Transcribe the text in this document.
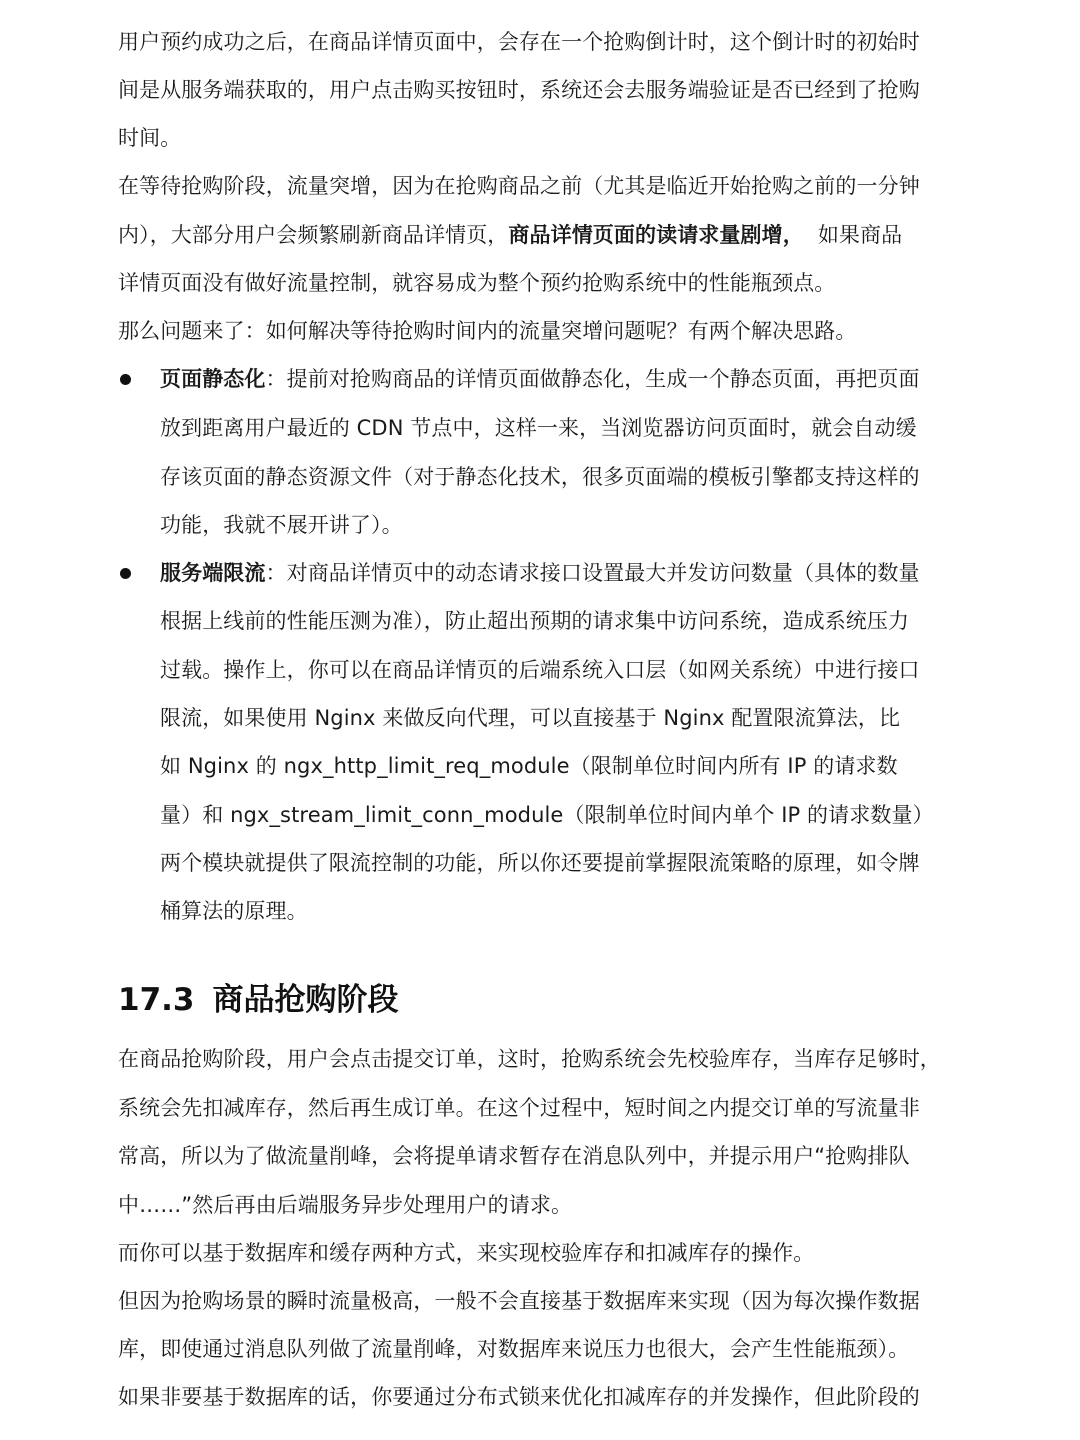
用户预约成功之后，在商品详情页面中，会存在一个抢购倒计时，这个倒计时的初始时
间是从服务端获取的，用户点击购买按钮时，系统还会去服务端验证是否已经到了抢购
时间。
在等待抢购阶段，流量突增，因为在抢购商品之前（尤其是临近开始抢购之前的一分钟
内），大部分用户会频繁刷新商品详情页，商品详情页面的读请求量剧增， 如果商品
详情页面没有做好流量控制，就容易成为整个预约抢购系统中的性能瓶颈点。
那么问题来了：如何解决等待抢购时间内的流量突增问题呢？有两个解决思路。
页面静态化：提前对抢购商品的详情页面做静态化，生成一个静态页面，再把页面
放到距离用户最近的 CDN 节点中，这样一来，当浏览器访问页面时，就会自动缓
存该页面的静态资源文件（对于静态化技术，很多页面端的模板引擎都支持这样的
功能，我就不展开讲了）。
服务端限流：对商品详情页中的动态请求接口设置最大并发访问数量（具体的数量
根据上线前的性能压测为准），防止超出预期的请求集中访问系统，造成系统压力
过载。操作上，你可以在商品详情页的后端系统入口层（如网关系统）中进行接口
限流，如果使用 Nginx 来做反向代理，可以直接基于 Nginx 配置限流算法，比
如 Nginx 的 ngx_http_limit_req_module（限制单位时间内所有 IP 的请求数
量）和 ngx_stream_limit_conn_module（限制单位时间内单个 IP 的请求数量）
两个模块就提供了限流控制的功能，所以你还要提前掌握限流策略的原理，如令牌
桶算法的原理。
17.3 商品抢购阶段
在商品抢购阶段，用户会点击提交订单，这时，抢购系统会先校验库存，当库存足够时，
系统会先扣减库存，然后再生成订单。在这个过程中，短时间之内提交订单的写流量非
常高，所以为了做流量削峰，会将提单请求暂存在消息队列中，并提示用户“抢购排队
中……”然后再由后端服务异步处理用户的请求。
而你可以基于数据库和缓存两种方式，来实现校验库存和扣减库存的操作。
但因为抢购场景的瞬时流量极高，一般不会直接基于数据库来实现（因为每次操作数据
库，即使通过消息队列做了流量削峰，对数据库来说压力也很大，会产生性能瓶颈）。
如果非要基于数据库的话，你要通过分布式锁来优化扣减库存的并发操作，但此阶段的
